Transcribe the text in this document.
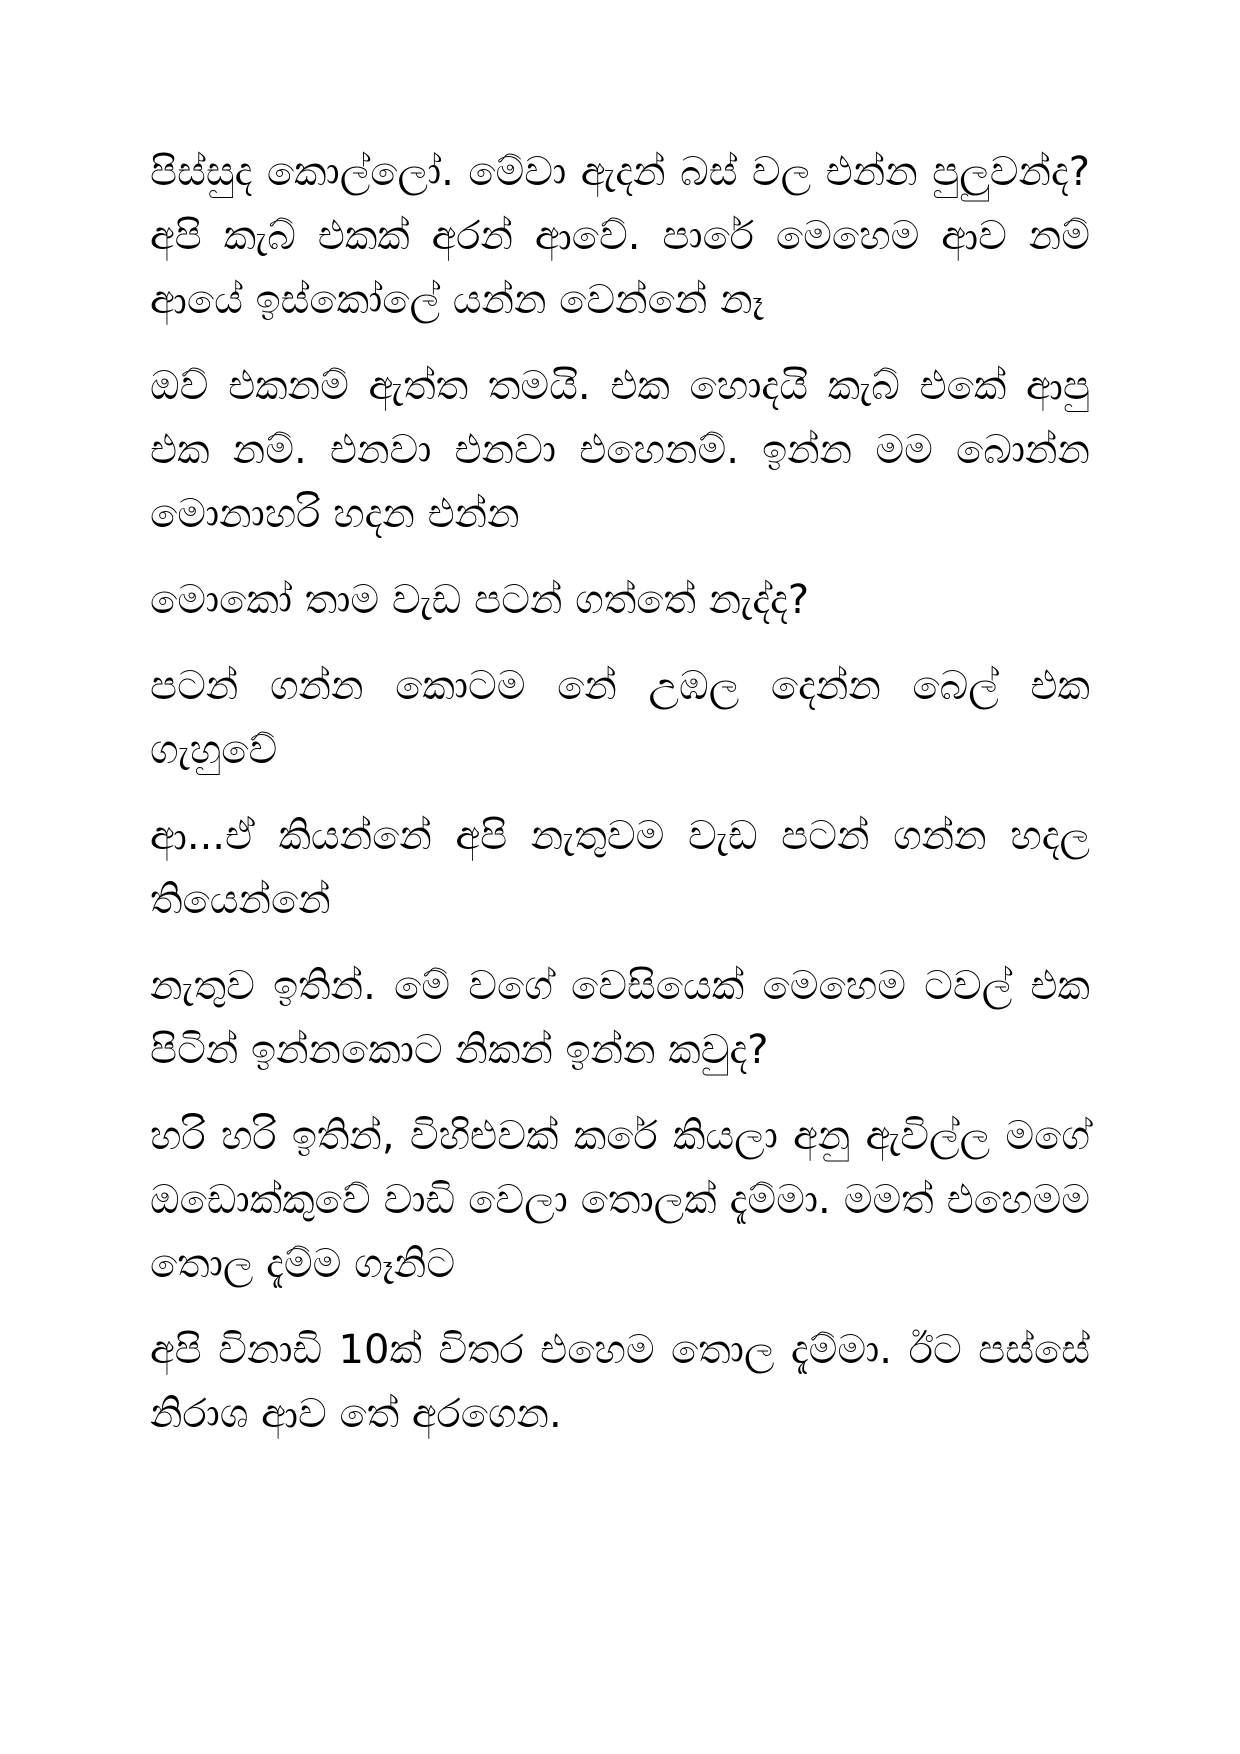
පිස්සුද කොල්ලෝ. මේවා ඇදන් බස් වල එන්න පුලුවන්ද? අපි කැබ් එකක් අරන් ආවේ. පාරේ මෙහෙම ආව නම් ආයේ ඉස්කෝලේ යන්න වෙන්නේ නෑ

ඔව් එකනම් ඇත්ත තමයි. එක හොදයි කැබ් එකේ ආපු එක නම්. එනවා එනවා එහෙනම්. ඉන්න මම බොන්න මොනාහරි හදන එන්න

මොකෝ තාම වැඩ පටන් ගත්තේ නැද්ද?

පටන් ගන්න කොටම නේ උඹල දෙන්න බෙල් එක ගැහුවේ

ආ...ඒ කියන්නේ අපි නැතුවම වැඩ පටන් ගන්න හදල තියෙන්නේ

නැතුව ඉතින්. මේ වගේ වෙසියෙක් මෙහෙම ටවල් එක පිටින් ඉන්නකොට නිකන් ඉන්න කවුද?

හරි හරි ඉතින්, විහිළුවක් කරේ කියලා අනු ඇවිල්ල මගේ ඔඩොක්කුවේ වාඩි වෙලා තොලක් දැම්මා. මමත් එහෙමම තොල දැම්ම ගෑනිට

අපි විනාඩි 10ක් විතර එහෙම තොල දැම්මා. ඊට පස්සේ නිරාශ ආව තේ අරගෙන.
